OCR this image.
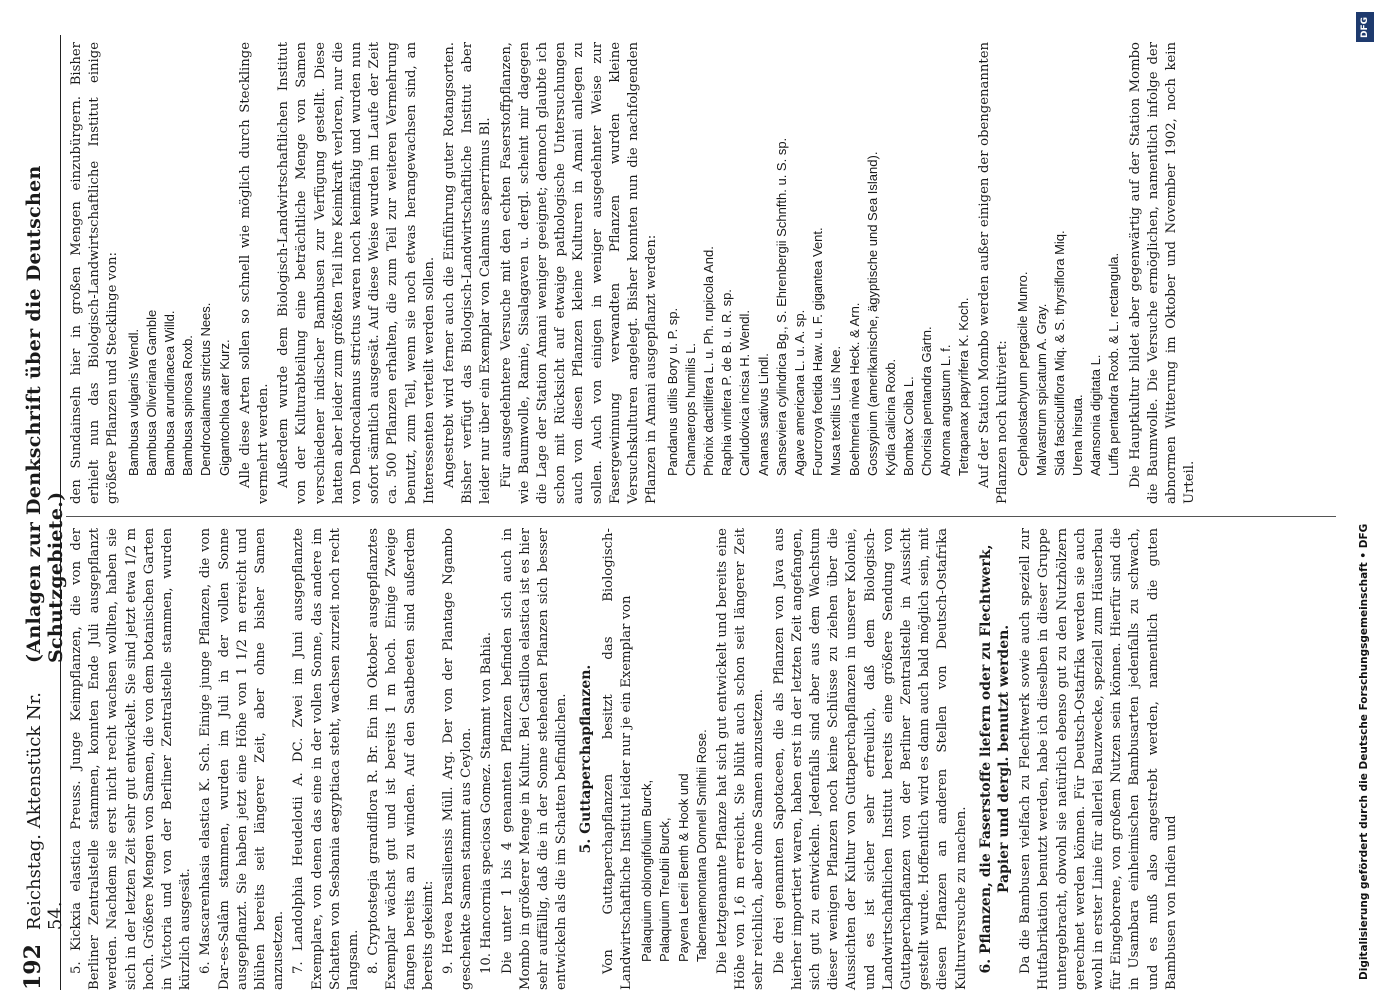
192
Reichstag. Aktenstück Nr. 54.
(Anlagen zur Denkschrift über die Deutschen Schutzgebiete.) 5. Kickxia elastica Preuss. Junge Keimpflanzen, die von der Berliner Zentralstelle stammen, konnten Ende Juli ausgepflanzt werden. Nachdem sie erst nicht recht wachsen wollten, haben sie sich in der letzten Zeit sehr gut entwickelt. Sie sind jetzt etwa 1/2 m hoch. Größere Mengen von Samen, die von dem botanischen Garten in Victoria und von der Berliner Zentralstelle stammen, wurden kürzlich ausgesät. 6. Mascarenhasia elastica K. Sch. Einige junge Pflanzen, die von Dar-es-Salâm stammen, wurden im Juli in der vollen Sonne ausgepflanzt. Sie haben jetzt eine Höhe von 1 1/2 m erreicht und blühen bereits seit längerer Zeit, aber ohne bisher Samen anzusetzen. 7. Landolphia Heudelotii A. DC. Zwei im Juni ausgepflanzte Exemplare, von denen das eine in der vollen Sonne, das andere im Schatten von Sesbania aegyptiaca steht, wachsen zurzeit noch recht langsam. 8. Cryptostegia grandiflora R. Br. Ein im Oktober ausgepflanztes Exemplar wächst gut und ist bereits 1 m hoch. Einige Zweige fangen bereits an zu winden. Auf den Saatbeeten sind außerdem bereits gekeimt: 9. Hevea brasiliensis Müll. Arg. Der von der Plantage Ngambo geschenkte Samen stammt aus Ceylon. 10. Hancornia speciosa Gomez. Stammt von Bahia. Die unter 1 bis 4 genannten Pflanzen befinden sich auch in Mombo in größerer Menge in Kultur. Bei Castilloa elastica ist es hier sehr auffällig, daß die in der Sonne stehenden Pflanzen sich besser entwickeln als die im Schatten befindlichen. 5. Guttaperchapflanzen. Von Guttaperchapflanzen besitzt das Biologisch-Landwirtschaftliche Institut leider nur je ein Exemplar von Palaquium oblongifolium Burck, Palaquium Treubii Burck, Payena Leerii Benth & Hook und Tabernaemontana Donnell Smithii Rose. Die letztgenannte Pflanze hat sich gut entwickelt und bereits eine Höhe von 1,6 m erreicht. Sie blüht auch schon seit längerer Zeit sehr reichlich, aber ohne Samen anzusetzen. Die drei genannten Sapotaceen, die als Pflanzen von Java aus hierher importiert waren, haben erst in der letzten Zeit angefangen, sich gut zu entwickeln. Jedenfalls sind aber aus dem Wachstum dieser wenigen Pflanzen noch keine Schlüsse zu ziehen über die Aussichten der Kultur von Guttaperchapflanzen in unserer Kolonie, und es ist sicher sehr erfreulich, daß dem Biologisch-Landwirtschaftlichen Institut bereits eine größere Sendung von Guttaperchapflanzen von der Berliner Zentralstelle in Aussicht gestellt wurde. Hoffentlich wird es dann auch bald möglich sein, mit diesen Pflanzen an anderen Stellen von Deutsch-Ostafrika Kulturversuche zu machen. 6. Pflanzen, die Faserstoffe liefern oder zu Flechtwerk, Papier und dergl. benutzt werden. Da die Bambusen vielfach zu Flechtwerk sowie auch speziell zur Hutfabrikation benutzt werden, habe ich dieselben in dieser Gruppe untergebracht, obwohl sie natürlich ebenso gut zu den Nutzhölzern gerechnet werden können. Für Deutsch-Ostafrika werden sie auch wohl in erster Linie für allerlei Bauzwecke, speziell zum Häuserbau für Eingeborene, von großem Nutzen sein können. Hierfür sind die in Usambara einheimischen Bambusarten jedenfalls zu schwach, und es muß also angestrebt werden, namentlich die guten Bambusen von Indien und

den Sundainseln hier in großen Mengen einzubürgern. Bisher erhielt nun das Biologisch-Landwirtschaftliche Institut einige größere Pflanzen und Stecklinge von: Bambusa vulgaris Wendl. Bambusa Oliveriana Gamble Bambusa arundinacea Willd. Bambusa spinosa Roxb. Dendrocalamus strictus Nees. Gigantochloa ater Kurz. Alle diese Arten sollen so schnell wie möglich durch Stecklinge vermehrt werden. Außerdem wurde dem Biologisch-Landwirtschaftlichen Institut von der Kulturabteilung eine beträchtliche Menge von Samen verschiedener indischer Bambusen zur Verfügung gestellt. Diese hatten aber leider zum größten Teil ihre Keimkraft verloren, nur die von Dendrocalamus strictus waren noch keimfähig und wurden nun sofort sämtlich ausgesät. Auf diese Weise wurden im Laufe der Zeit ca. 500 Pflanzen erhalten, die zum Teil zur weiteren Vermehrung benutzt, zum Teil, wenn sie noch etwas herangewachsen sind, an Interessenten verteilt werden sollen. Angestrebt wird ferner auch die Einführung guter Rotangsorten. Bisher verfügt das Biologisch-Landwirtschaftliche Institut aber leider nur über ein Exemplar von Calamus asperrimus Bl. Für ausgedehntere Versuche mit den echten Faserstoffpflanzen, wie Baumwolle, Ramie, Sisalagaven u. dergl. scheint mir dagegen die Lage der Station Amani weniger geeignet; dennoch glaubte ich schon mit Rücksicht auf etwaige pathologische Untersuchungen auch von diesen Pflanzen kleine Kulturen in Amani anlegen zu sollen. Auch von einigen in weniger ausgedehnter Weise zur Fasergewinnung verwandten Pflanzen wurden kleine Versuchskulturen angelegt. Bisher konnten nun die nachfolgenden Pflanzen in Amani ausgepflanzt werden: Pandanus utilis Bory u. P. sp. Chamaerops humilis L. Phönix dactilifera L. u. Ph. rupicola And. Raphia vinifera P. de B. u. R. sp. Carludovica incisa H. Wendl. Ananas sativus Lindl. Sanseviera cylindrica Bg., S. Ehrenbergii Schnfth. u. S. sp. Agave americana L. u. A. sp. Fourcroya foetida Haw. u. F. gigantea Vent. Musa textilis Luis Nee. Boehmeria nivea Heck. & Arn. Gossypium (amerikanische, ägyptische und Sea Island). Kydia calicina Roxb. Bombax Coiba L. Chorisia pentandra Gärtn. Abroma angustum L. f. Tetrapanax papyrifera K. Koch. Auf der Station Mombo werden außer einigen der obengenannten Pflanzen noch kultiviert: Cephalostachyum pergacile Munro. Malvastrum spicatum A. Gray. Sida fasciculiflora Miq. & S. thyrsiflora Miq. Urena hirsuta. Adansonia digitata L. Luffa pentandra Roxb. & L. rectangula. Die Hauptkultur bildet aber gegenwärtig auf der Station Mombo die Baumwolle. Die Versuche ermöglichen, namentlich infolge der abnormen Witterung im Oktober und November 1902, noch kein Urteil.

DFG
Digitalisierung gefördert durch die Deutsche Forschungsgemeinschaft • DFG
